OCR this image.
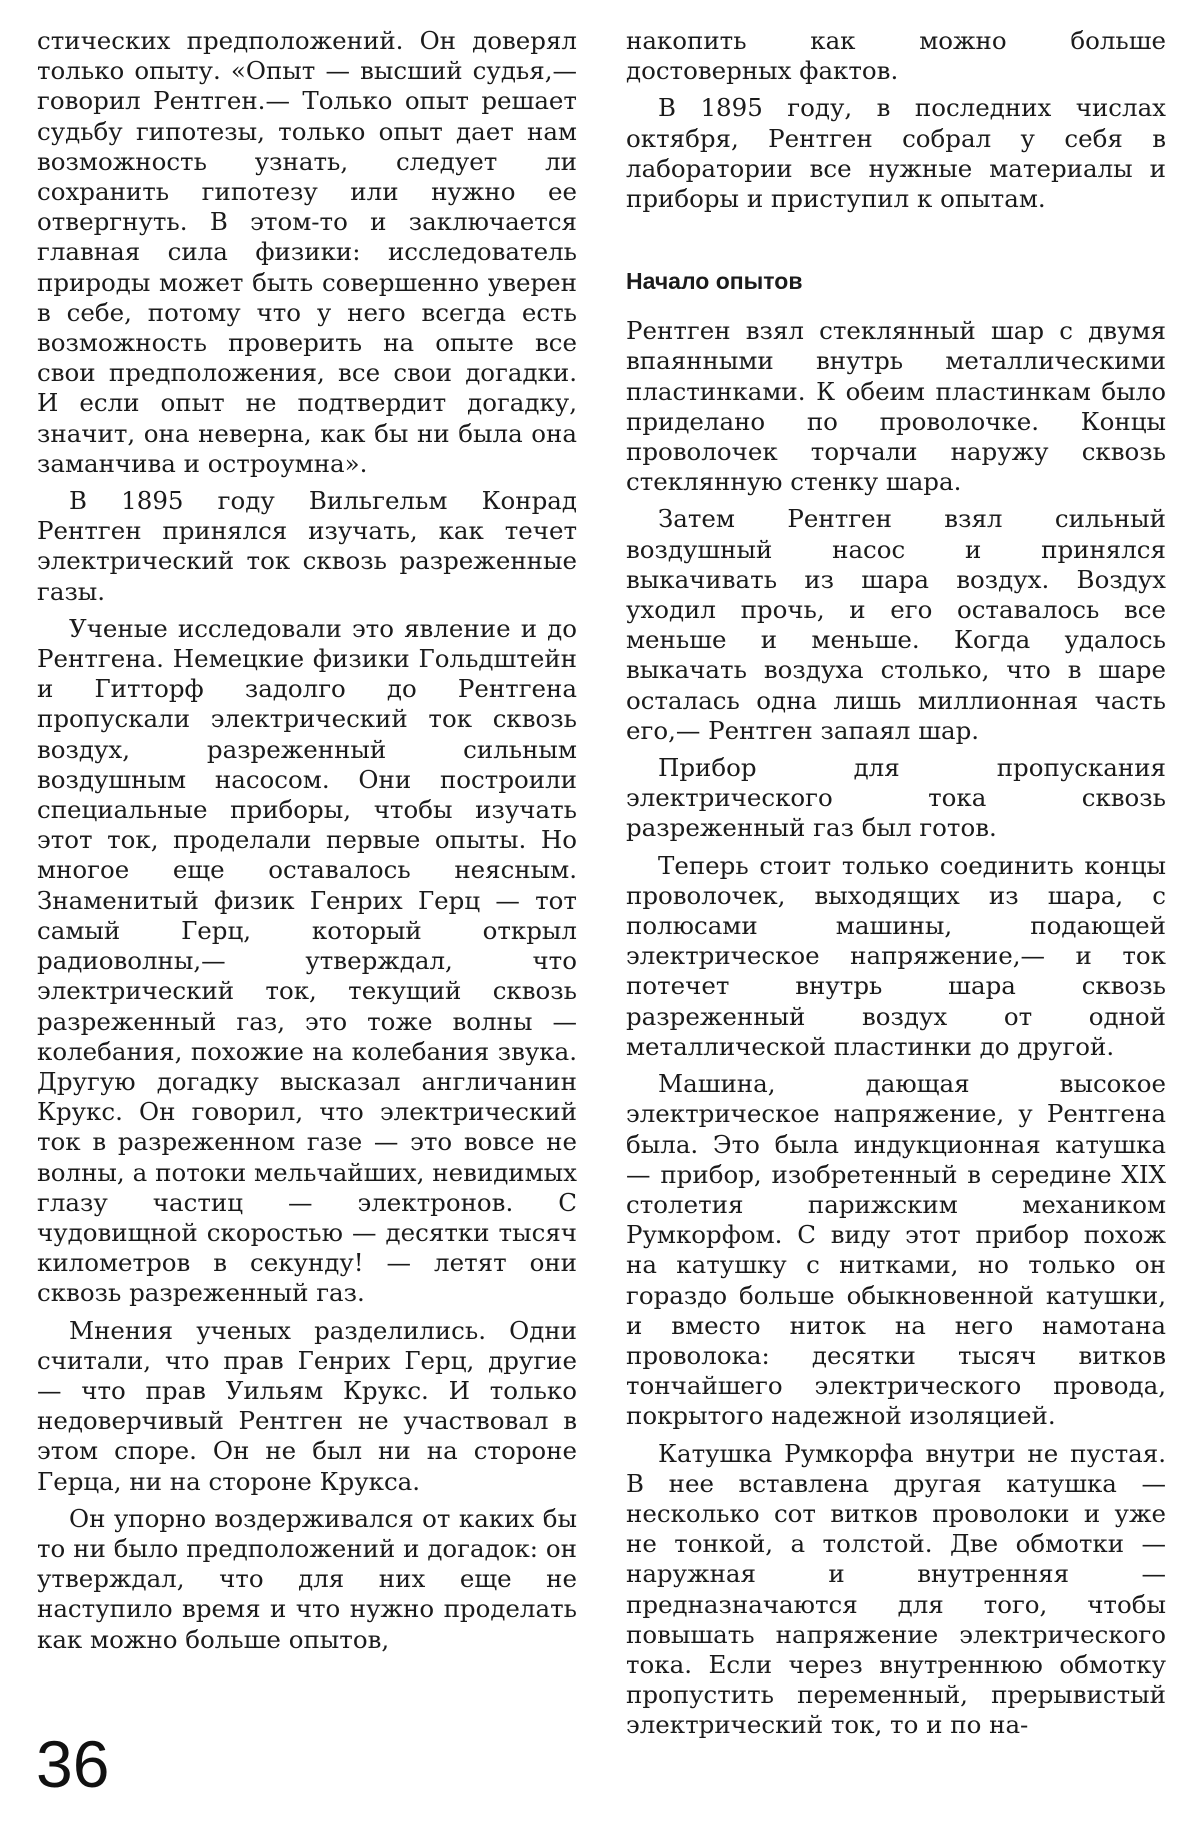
стических предположений. Он доверял только опыту. «Опыт — высший судья,— говорил Рентген.— Только опыт решает судьбу гипотезы, только опыт дает нам возможность узнать, следует ли сохранить гипотезу или нужно ее отвергнуть. В этом-то и заключается главная сила физики: исследователь природы может быть совершенно уверен в себе, потому что у него всегда есть возможность проверить на опыте все свои предположения, все свои догадки. И если опыт не подтвердит догадку, значит, она неверна, как бы ни была она заманчива и остроумна».

В 1895 году Вильгельм Конрад Рентген принялся изучать, как течет электрический ток сквозь разреженные газы.

Ученые исследовали это явление и до Рентгена. Немецкие физики Гольдштейн и Гитторф задолго до Рентгена пропускали электрический ток сквозь воздух, разреженный сильным воздушным насосом. Они построили специальные приборы, чтобы изучать этот ток, проделали первые опыты. Но многое еще оставалось неясным. Знаменитый физик Генрих Герц — тот самый Герц, который открыл радиоволны,— утверждал, что электрический ток, текущий сквозь разреженный газ, это тоже волны — колебания, похожие на колебания звука. Другую догадку высказал англичанин Крукс. Он говорил, что электрический ток в разреженном газе — это вовсе не волны, а потоки мельчайших, невидимых глазу частиц — электронов. С чудовищной скоростью — десятки тысяч километров в секунду! — летят они сквозь разреженный газ.

Мнения ученых разделились. Одни считали, что прав Генрих Герц, другие — что прав Уильям Крукс. И только недоверчивый Рентген не участвовал в этом споре. Он не был ни на стороне Герца, ни на стороне Крукса.

Он упорно воздерживался от каких бы то ни было предположений и догадок: он утверждал, что для них еще не наступило время и что нужно проделать как можно больше опытов,

накопить как можно больше достоверных фактов.

В 1895 году, в последних числах октября, Рентген собрал у себя в лаборатории все нужные материалы и приборы и приступил к опытам.

Начало опытов

Рентген взял стеклянный шар с двумя впаянными внутрь металлическими пластинками. К обеим пластинкам было приделано по проволочке. Концы проволочек торчали наружу сквозь стеклянную стенку шара.

Затем Рентген взял сильный воздушный насос и принялся выкачивать из шара воздух. Воздух уходил прочь, и его оставалось все меньше и меньше. Когда удалось выкачать воздуха столько, что в шаре осталась одна лишь миллионная часть его,— Рентген запаял шар.

Прибор для пропускания электрического тока сквозь разреженный газ был готов.

Теперь стоит только соединить концы проволочек, выходящих из шара, с полюсами машины, подающей электрическое напряжение,— и ток потечет внутрь шара сквозь разреженный воздух от одной металлической пластинки до другой.

Машина, дающая высокое электрическое напряжение, у Рентгена была. Это была индукционная катушка — прибор, изобретенный в середине XIX столетия парижским механиком Румкорфом. С виду этот прибор похож на катушку с нитками, но только он гораздо больше обыкновенной катушки, и вместо ниток на него намотана проволока: десятки тысяч витков тончайшего электрического провода, покрытого надежной изоляцией.

Катушка Румкорфа внутри не пустая. В нее вставлена другая катушка — несколько сот витков проволоки и уже не тонкой, а толстой. Две обмотки — наружная и внутренняя — предназначаются для того, чтобы повышать напряжение электрического тока. Если через внутреннюю обмотку пропустить переменный, прерывистый электрический ток, то и по на-

36
